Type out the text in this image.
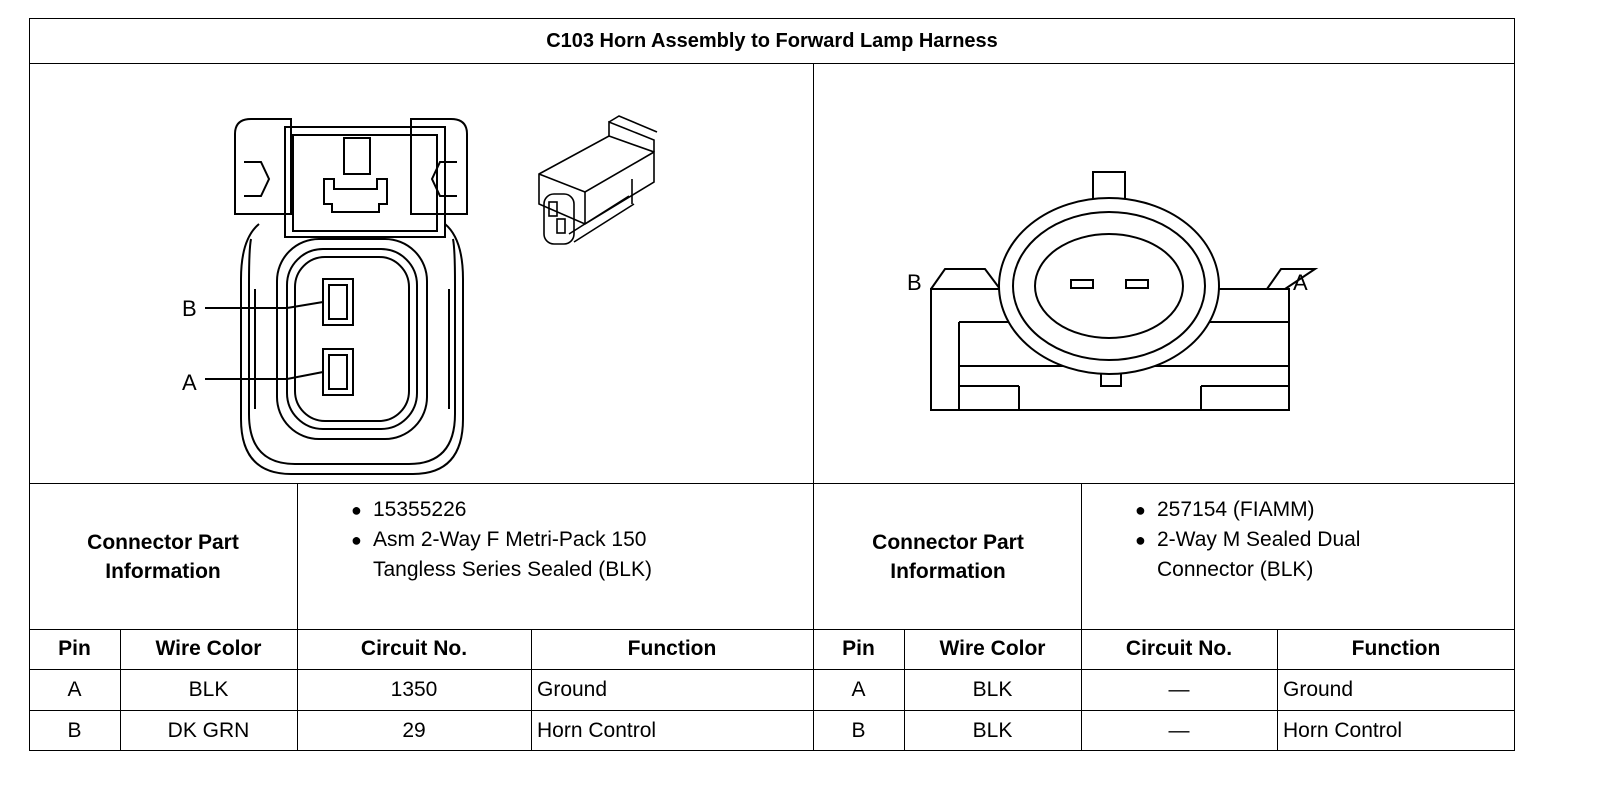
C103 Horn Assembly to Forward Lamp Harness
B
A
B	A
Connector Part
Information
● 15355226
● Asm 2-Way F Metri-Pack 150
Tangless Series Sealed (BLK)
Connector Part
Information
● 257154 (FIAMM)
● 2-Way M Sealed Dual
Connector (BLK)
Pin	Wire Color	Circuit No.	Function
A	BLK	1350	Ground
B	DK GRN	29	Horn Control
Pin	Wire Color	Circuit No.	Function
A	BLK	—	Ground
B	BLK	—	Horn Control
